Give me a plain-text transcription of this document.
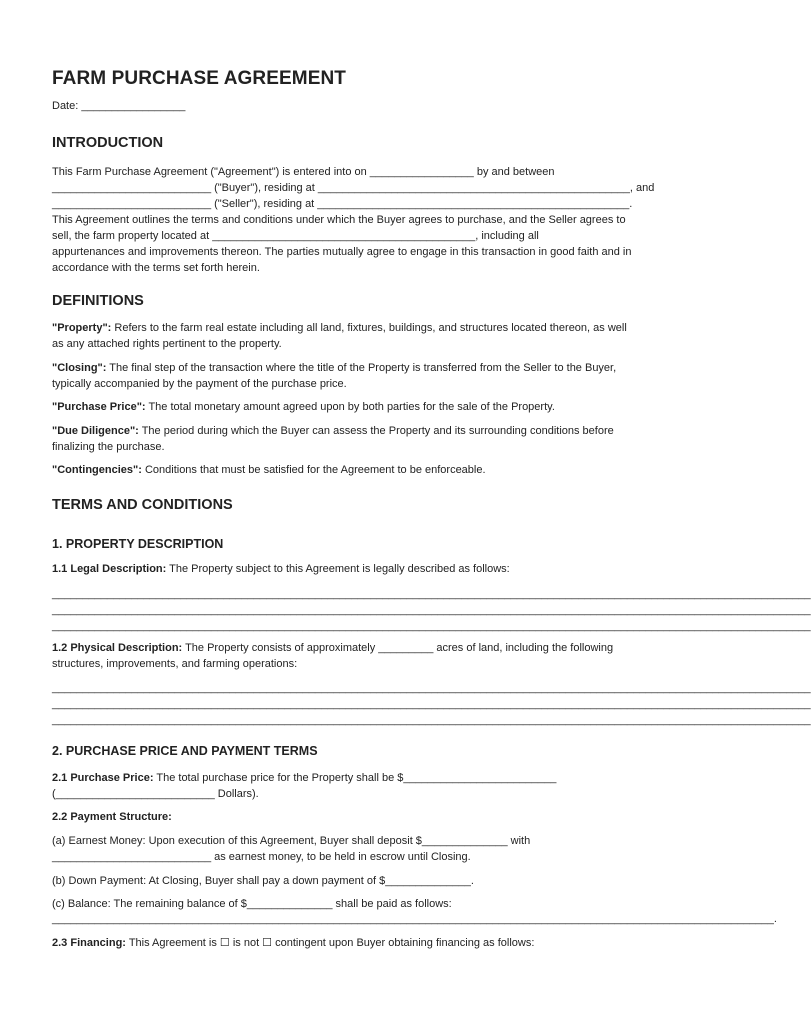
FARM PURCHASE AGREEMENT
Date: _________________
INTRODUCTION
This Farm Purchase Agreement ("Agreement") is entered into on _________________ by and between
__________________________ ("Buyer"), residing at ___________________________________________________, and
__________________________ ("Seller"), residing at ___________________________________________________.
This Agreement outlines the terms and conditions under which the Buyer agrees to purchase, and the Seller agrees to
sell, the farm property located at ___________________________________________, including all
appurtenances and improvements thereon. The parties mutually agree to engage in this transaction in good faith and in
accordance with the terms set forth herein.
DEFINITIONS
"Property": Refers to the farm real estate including all land, fixtures, buildings, and structures located thereon, as well
as any attached rights pertinent to the property.
"Closing": The final step of the transaction where the title of the Property is transferred from the Seller to the Buyer,
typically accompanied by the payment of the purchase price.
"Purchase Price": The total monetary amount agreed upon by both parties for the sale of the Property.
"Due Diligence": The period during which the Buyer can assess the Property and its surrounding conditions before
finalizing the purchase.
"Contingencies": Conditions that must be satisfied for the Agreement to be enforceable.
TERMS AND CONDITIONS
1. PROPERTY DESCRIPTION
1.1 Legal Description: The Property subject to this Agreement is legally described as follows:
____________________________________________________________________________________________________________________________
____________________________________________________________________________________________________________________________
____________________________________________________________________________________________________________________________
1.2 Physical Description: The Property consists of approximately _________ acres of land, including the following
structures, improvements, and farming operations:
____________________________________________________________________________________________________________________________
____________________________________________________________________________________________________________________________
____________________________________________________________________________________________________________________________
2. PURCHASE PRICE AND PAYMENT TERMS
2.1 Purchase Price: The total purchase price for the Property shall be $_________________________
(__________________________ Dollars).
2.2 Payment Structure:
(a) Earnest Money: Upon execution of this Agreement, Buyer shall deposit $______________ with
__________________________ as earnest money, to be held in escrow until Closing.
(b) Down Payment: At Closing, Buyer shall pay a down payment of $______________.
(c) Balance: The remaining balance of $______________ shall be paid as follows:
______________________________________________________________________________________________________________________.
2.3 Financing: This Agreement is ☐ is not ☐ contingent upon Buyer obtaining financing as follows:
